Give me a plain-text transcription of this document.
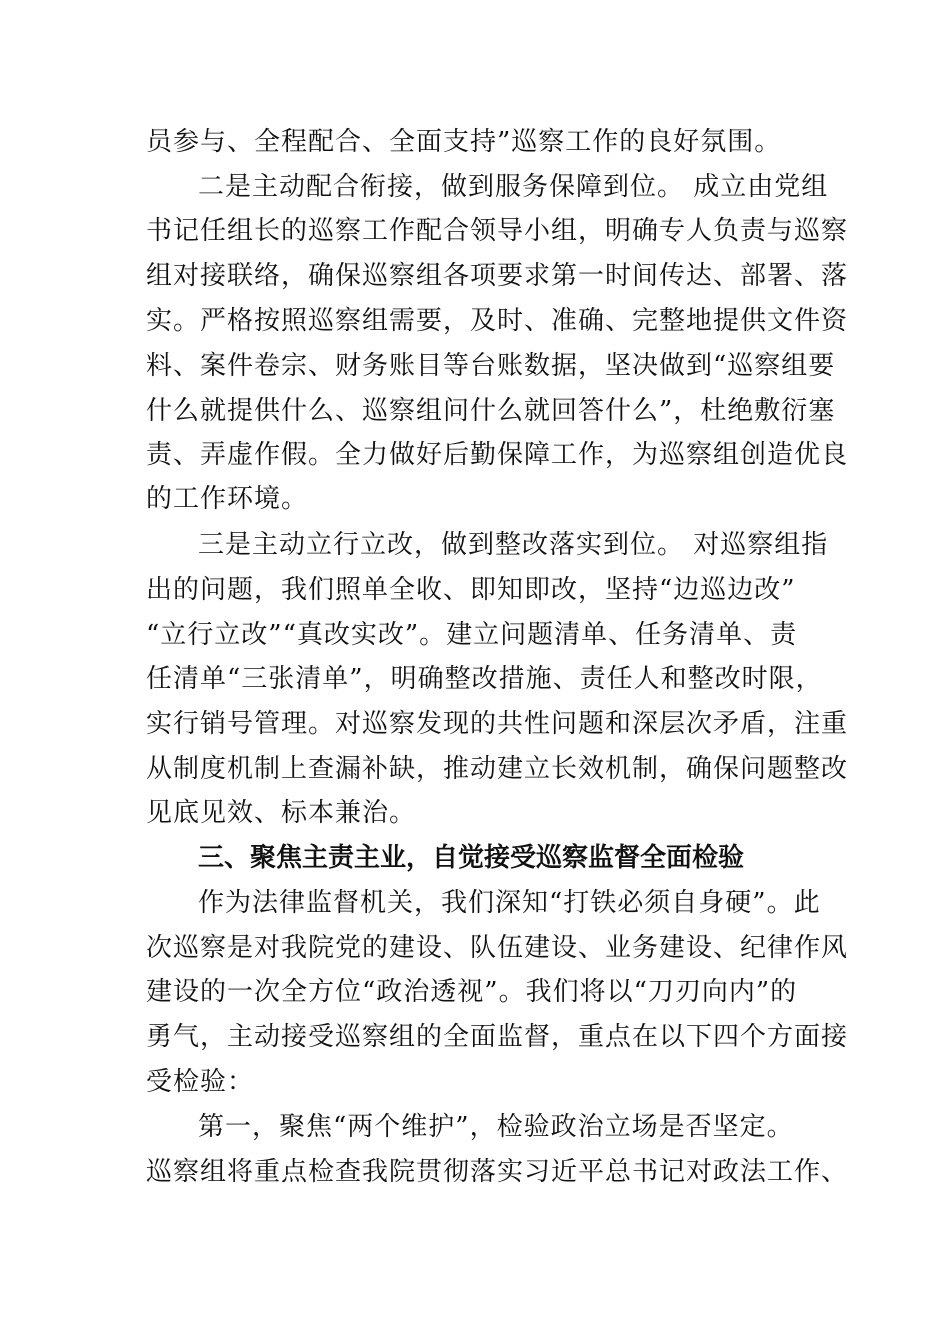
员参与、全程配合、全面支持”巡察工作的良好氛围。
二是主动配合衔接，做到服务保障到位。 成立由党组
书记任组长的巡察工作配合领导小组，明确专人负责与巡察
组对接联络，确保巡察组各项要求第一时间传达、部署、落
实。严格按照巡察组需要，及时、准确、完整地提供文件资
料、案件卷宗、财务账目等台账数据，坚决做到“巡察组要
什么就提供什么、巡察组问什么就回答什么”，杜绝敷衍塞
责、弄虚作假。全力做好后勤保障工作，为巡察组创造优良
的工作环境。
三是主动立行立改，做到整改落实到位。 对巡察组指
出的问题，我们照单全收、即知即改，坚持“边巡边改”
“立行立改”“真改实改”。建立问题清单、任务清单、责
任清单“三张清单”，明确整改措施、责任人和整改时限，
实行销号管理。对巡察发现的共性问题和深层次矛盾，注重
从制度机制上查漏补缺，推动建立长效机制，确保问题整改
见底见效、标本兼治。
三、聚焦主责主业，自觉接受巡察监督全面检验
作为法律监督机关，我们深知“打铁必须自身硬”。此
次巡察是对我院党的建设、队伍建设、业务建设、纪律作风
建设的一次全方位“政治透视”。我们将以“刀刃向内”的
勇气，主动接受巡察组的全面监督，重点在以下四个方面接
受检验：
第一，聚焦“两个维护”，检验政治立场是否坚定。
巡察组将重点检查我院贯彻落实习近平总书记对政法工作、
